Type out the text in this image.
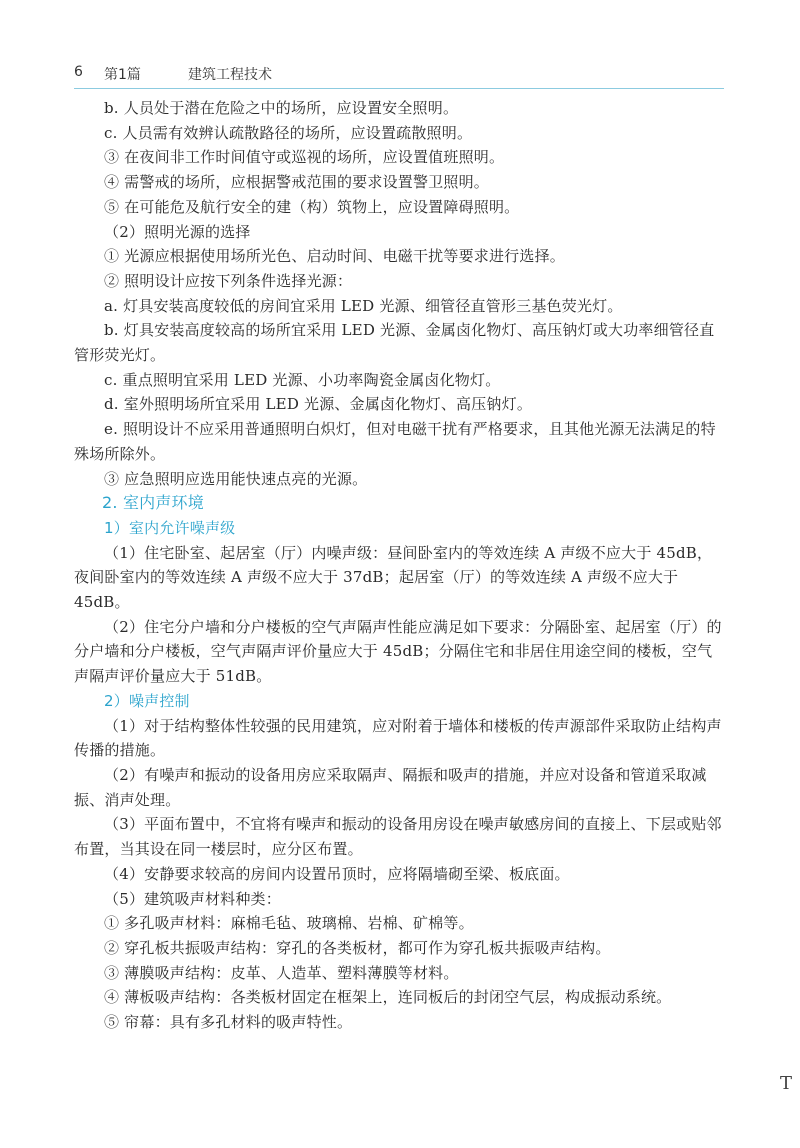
6 第1篇	建筑工程技术

b. 人员处于潜在危险之中的场所，应设置安全照明。

c. 人员需有效辨认疏散路径的场所，应设置疏散照明。

③ 在夜间非工作时间值守或巡视的场所，应设置值班照明。

④ 需警戒的场所，应根据警戒范围的要求设置警卫照明。

⑤ 在可能危及航行安全的建（构）筑物上，应设置障碍照明。

（2）照明光源的选择

① 光源应根据使用场所光色、启动时间、电磁干扰等要求进行选择。

② 照明设计应按下列条件选择光源：

a. 灯具安装高度较低的房间宜采用 LED 光源、细管径直管形三基色荧光灯。

b. 灯具安装高度较高的场所宜采用 LED 光源、金属卤化物灯、高压钠灯或大功率细管径直管形荧光灯。

c. 重点照明宜采用 LED 光源、小功率陶瓷金属卤化物灯。

d. 室外照明场所宜采用 LED 光源、金属卤化物灯、高压钠灯。

e. 照明设计不应采用普通照明白炽灯，但对电磁干扰有严格要求，且其他光源无法满足的特殊场所除外。

③ 应急照明应选用能快速点亮的光源。

2. 室内声环境

1）室内允许噪声级

（1）住宅卧室、起居室（厅）内噪声级：昼间卧室内的等效连续 A 声级不应大于 45dB，夜间卧室内的等效连续 A 声级不应大于 37dB；起居室（厅）的等效连续 A 声级不应大于 45dB。

（2）住宅分户墙和分户楼板的空气声隔声性能应满足如下要求：分隔卧室、起居室（厅）的分户墙和分户楼板，空气声隔声评价量应大于 45dB；分隔住宅和非居住用途空间的楼板，空气声隔声评价量应大于 51dB。

2）噪声控制

（1）对于结构整体性较强的民用建筑，应对附着于墙体和楼板的传声源部件采取防止结构声传播的措施。

（2）有噪声和振动的设备用房应采取隔声、隔振和吸声的措施，并应对设备和管道采取减振、消声处理。

（3）平面布置中，不宜将有噪声和振动的设备用房设在噪声敏感房间的直接上、下层或贴邻布置，当其设在同一楼层时，应分区布置。

（4）安静要求较高的房间内设置吊顶时，应将隔墙砌至梁、板底面。

（5）建筑吸声材料种类：

① 多孔吸声材料：麻棉毛毡、玻璃棉、岩棉、矿棉等。

② 穿孔板共振吸声结构：穿孔的各类板材，都可作为穿孔板共振吸声结构。

③ 薄膜吸声结构：皮革、人造革、塑料薄膜等材料。

④ 薄板吸声结构：各类板材固定在框架上，连同板后的封闭空气层，构成振动系统。

⑤ 帘幕：具有多孔材料的吸声特性。

T
